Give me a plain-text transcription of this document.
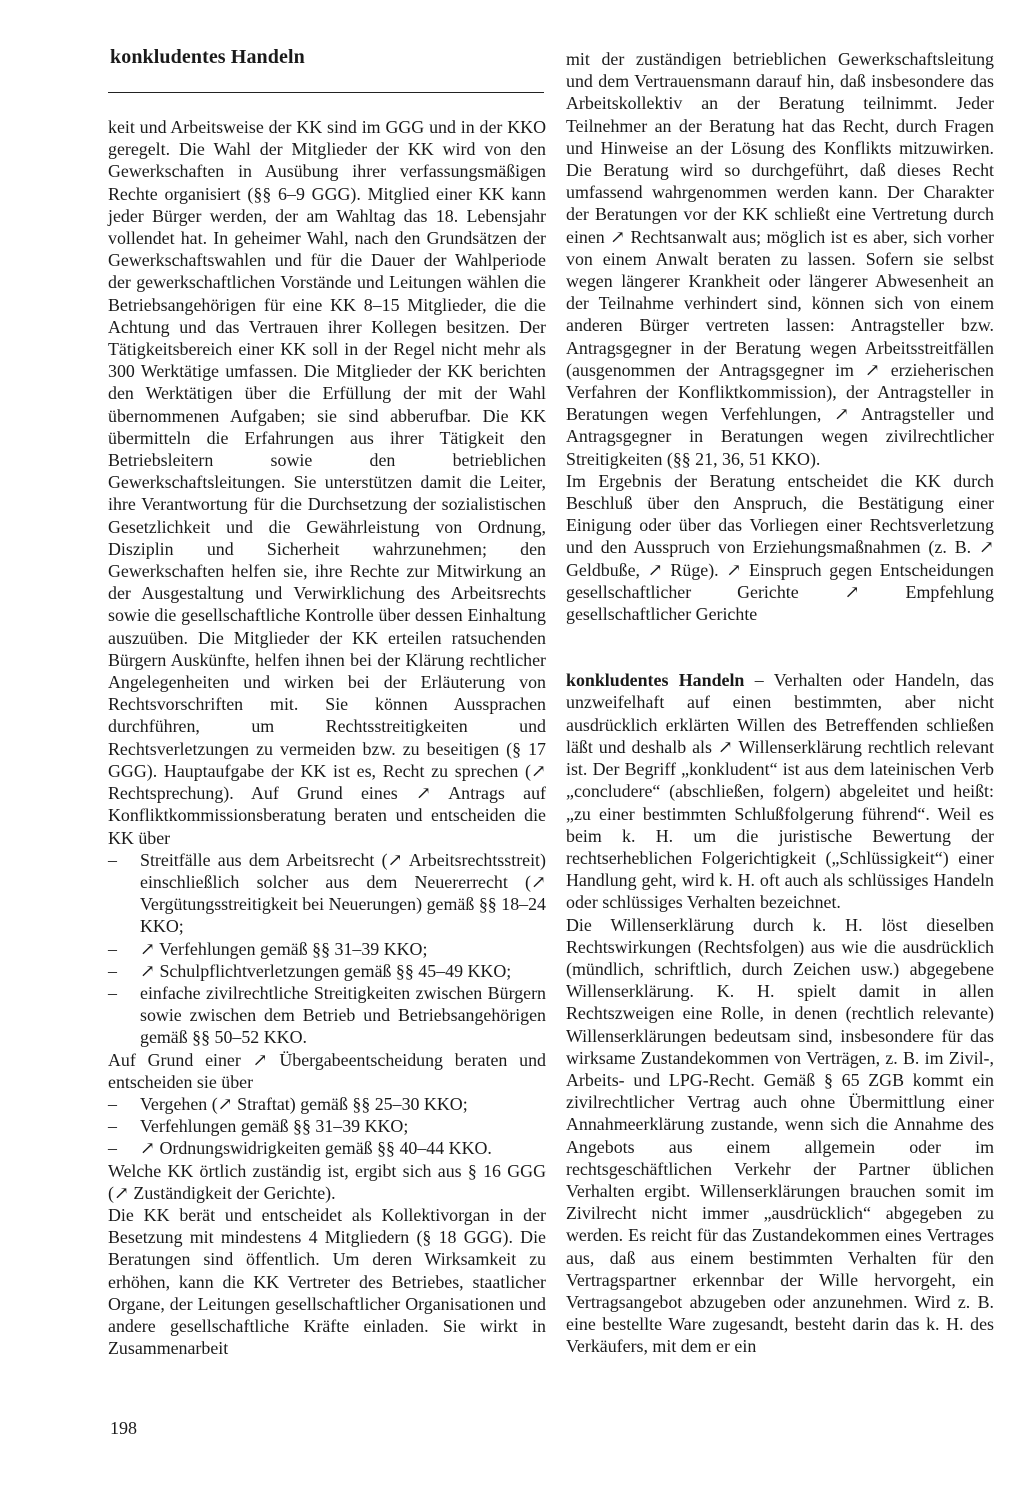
konkludentes Handeln

keit und Arbeitsweise der KK sind im GGG und in der KKO geregelt. Die Wahl der Mitglieder der KK wird von den Gewerkschaften in Ausübung ihrer verfassungsmäßigen Rechte organisiert (§§ 6–9 GGG). Mitglied einer KK kann jeder Bürger werden, der am Wahltag das 18. Lebensjahr vollendet hat. In geheimer Wahl, nach den Grundsätzen der Gewerkschaftswahlen und für die Dauer der Wahlperiode der gewerkschaftlichen Vorstände und Leitungen wählen die Betriebsangehörigen für eine KK 8–15 Mitglieder, die die Achtung und das Vertrauen ihrer Kollegen besitzen. Der Tätigkeitsbereich einer KK soll in der Regel nicht mehr als 300 Werktätige umfassen. Die Mitglieder der KK berichten den Werktätigen über die Erfüllung der mit der Wahl übernommenen Aufgaben; sie sind abberufbar. Die KK übermitteln die Erfahrungen aus ihrer Tätigkeit den Betriebsleitern sowie den betrieblichen Gewerkschaftsleitungen. Sie unterstützen damit die Leiter, ihre Verantwortung für die Durchsetzung der sozialistischen Gesetzlichkeit und die Gewährleistung von Ordnung, Disziplin und Sicherheit wahrzunehmen; den Gewerkschaften helfen sie, ihre Rechte zur Mitwirkung an der Ausgestaltung und Verwirklichung des Arbeitsrechts sowie die gesellschaftliche Kontrolle über dessen Einhaltung auszuüben. Die Mitglieder der KK erteilen ratsuchenden Bürgern Auskünfte, helfen ihnen bei der Klärung rechtlicher Angelegenheiten und wirken bei der Erläuterung von Rechtsvorschriften mit. Sie können Aussprachen durchführen, um Rechtsstreitigkeiten und Rechtsverletzungen zu vermeiden bzw. zu beseitigen (§ 17 GGG). Hauptaufgabe der KK ist es, Recht zu sprechen (↗ Rechtsprechung). Auf Grund eines ↗ Antrags auf Konfliktkommissionsberatung beraten und entscheiden die KK über

– Streitfälle aus dem Arbeitsrecht (↗ Arbeitsrechtsstreit) einschließlich solcher aus dem Neuererrecht (↗ Vergütungsstreitigkeit bei Neuerungen) gemäß §§ 18–24 KKO;
– ↗ Verfehlungen gemäß §§ 31–39 KKO;
– ↗ Schulpflichtverletzungen gemäß §§ 45–49 KKO;
– einfache zivilrechtliche Streitigkeiten zwischen Bürgern sowie zwischen dem Betrieb und Betriebsangehörigen gemäß §§ 50–52 KKO.

Auf Grund einer ↗ Übergabeentscheidung beraten und entscheiden sie über

– Vergehen (↗ Straftat) gemäß §§ 25–30 KKO;
– Verfehlungen gemäß §§ 31–39 KKO;
– ↗ Ordnungswidrigkeiten gemäß §§ 40–44 KKO.

Welche KK örtlich zuständig ist, ergibt sich aus § 16 GGG (↗ Zuständigkeit der Gerichte).

Die KK berät und entscheidet als Kollektivorgan in der Besetzung mit mindestens 4 Mitgliedern (§ 18 GGG). Die Beratungen sind öffentlich. Um deren Wirksamkeit zu erhöhen, kann die KK Vertreter des Betriebes, staatlicher Organe, der Leitungen gesellschaftlicher Organisationen und andere gesellschaftliche Kräfte einladen. Sie wirkt in Zusammenarbeit

mit der zuständigen betrieblichen Gewerkschaftsleitung und dem Vertrauensmann darauf hin, daß insbesondere das Arbeitskollektiv an der Beratung teilnimmt. Jeder Teilnehmer an der Beratung hat das Recht, durch Fragen und Hinweise an der Lösung des Konflikts mitzuwirken. Die Beratung wird so durchgeführt, daß dieses Recht umfassend wahrgenommen werden kann. Der Charakter der Beratungen vor der KK schließt eine Vertretung durch einen ↗ Rechtsanwalt aus; möglich ist es aber, sich vorher von einem Anwalt beraten zu lassen. Sofern sie selbst wegen längerer Krankheit oder längerer Abwesenheit an der Teilnahme verhindert sind, können sich von einem anderen Bürger vertreten lassen: Antragsteller bzw. Antragsgegner in der Beratung wegen Arbeitsstreitfällen (ausgenommen der Antragsgegner im ↗ erzieherischen Verfahren der Konfliktkommission), der Antragsteller in Beratungen wegen Verfehlungen, ↗ Antragsteller und Antragsgegner in Beratungen wegen zivilrechtlicher Streitigkeiten (§§ 21, 36, 51 KKO).

Im Ergebnis der Beratung entscheidet die KK durch Beschluß über den Anspruch, die Bestätigung einer Einigung oder über das Vorliegen einer Rechtsverletzung und den Ausspruch von Erziehungsmaßnahmen (z. B. ↗ Geldbuße, ↗ Rüge). ↗ Einspruch gegen Entscheidungen gesellschaftlicher Gerichte ↗ Empfehlung gesellschaftlicher Gerichte

konkludentes Handeln – Verhalten oder Handeln, das unzweifelhaft auf einen bestimmten, aber nicht ausdrücklich erklärten Willen des Betreffenden schließen läßt und deshalb als ↗ Willenserklärung rechtlich relevant ist. Der Begriff „konkludent“ ist aus dem lateinischen Verb „concludere“ (abschließen, folgern) abgeleitet und heißt: „zu einer bestimmten Schlußfolgerung führend“. Weil es beim k. H. um die juristische Bewertung der rechtserheblichen Folgerichtigkeit („Schlüssigkeit“) einer Handlung geht, wird k. H. oft auch als schlüssiges Handeln oder schlüssiges Verhalten bezeichnet.

Die Willenserklärung durch k. H. löst dieselben Rechtswirkungen (Rechtsfolgen) aus wie die ausdrücklich (mündlich, schriftlich, durch Zeichen usw.) abgegebene Willenserklärung. K. H. spielt damit in allen Rechtszweigen eine Rolle, in denen (rechtlich relevante) Willenserklärungen bedeutsam sind, insbesondere für das wirksame Zustandekommen von Verträgen, z. B. im Zivil-, Arbeits- und LPG-Recht. Gemäß § 65 ZGB kommt ein zivilrechtlicher Vertrag auch ohne Übermittlung einer Annahmeerklärung zustande, wenn sich die Annahme des Angebots aus einem allgemein oder im rechtsgeschäftlichen Verkehr der Partner üblichen Verhalten ergibt. Willenserklärungen brauchen somit im Zivilrecht nicht immer „ausdrücklich“ abgegeben zu werden. Es reicht für das Zustandekommen eines Vertrages aus, daß aus einem bestimmten Verhalten für den Vertragspartner erkennbar der Wille hervorgeht, ein Vertragsangebot abzugeben oder anzunehmen. Wird z. B. eine bestellte Ware zugesandt, besteht darin das k. H. des Verkäufers, mit dem er ein

198
